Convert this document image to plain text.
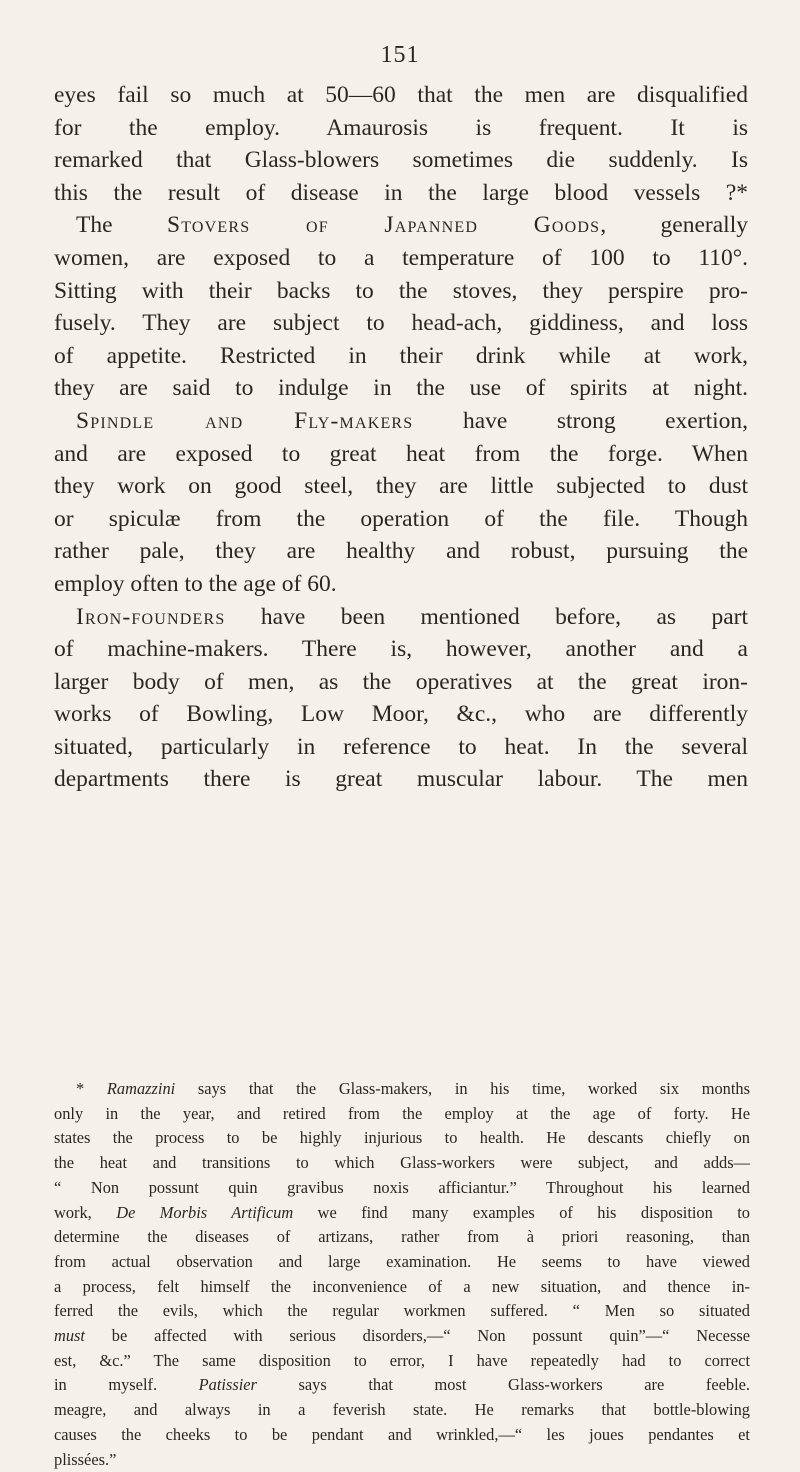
151
eyes fail so much at 50—60 that the men are disqualified
for the employ. Amaurosis is frequent. It is
remarked that Glass-blowers sometimes die suddenly. Is
this the result of disease in the large blood vessels ?*
The Stovers of Japanned Goods, generally
women, are exposed to a temperature of 100 to 110°.
Sitting with their backs to the stoves, they perspire pro-
fusely. They are subject to head-ach, giddiness, and loss
of appetite. Restricted in their drink while at work,
they are said to indulge in the use of spirits at night.
Spindle and Fly-makers have strong exertion,
and are exposed to great heat from the forge. When
they work on good steel, they are little subjected to dust
or spiculæ from the operation of the file. Though
rather pale, they are healthy and robust, pursuing the
employ often to the age of 60.
Iron-founders have been mentioned before, as part
of machine-makers. There is, however, another and a
larger body of men, as the operatives at the great iron-
works of Bowling, Low Moor, &c., who are differently
situated, particularly in reference to heat. In the several
departments there is great muscular labour. The men
* Ramazzini says that the Glass-makers, in his time, worked six months
only in the year, and retired from the employ at the age of forty. He
states the process to be highly injurious to health. He descants chiefly on
the heat and transitions to which Glass-workers were subject, and adds—
“ Non possunt quin gravibus noxis afficiantur.” Throughout his learned
work, De Morbis Artificum we find many examples of his disposition to
determine the diseases of artizans, rather from à priori reasoning, than
from actual observation and large examination. He seems to have viewed
a process, felt himself the inconvenience of a new situation, and thence in-
ferred the evils, which the regular workmen suffered. “ Men so situated
must be affected with serious disorders,—“ Non possunt quin”—“ Necesse
est, &c.” The same disposition to error, I have repeatedly had to correct
in myself. Patissier says that most Glass-workers are feeble.
meagre, and always in a feverish state. He remarks that bottle-blowing
causes the cheeks to be pendant and wrinkled,—“ les joues pendantes et
plissées.”
